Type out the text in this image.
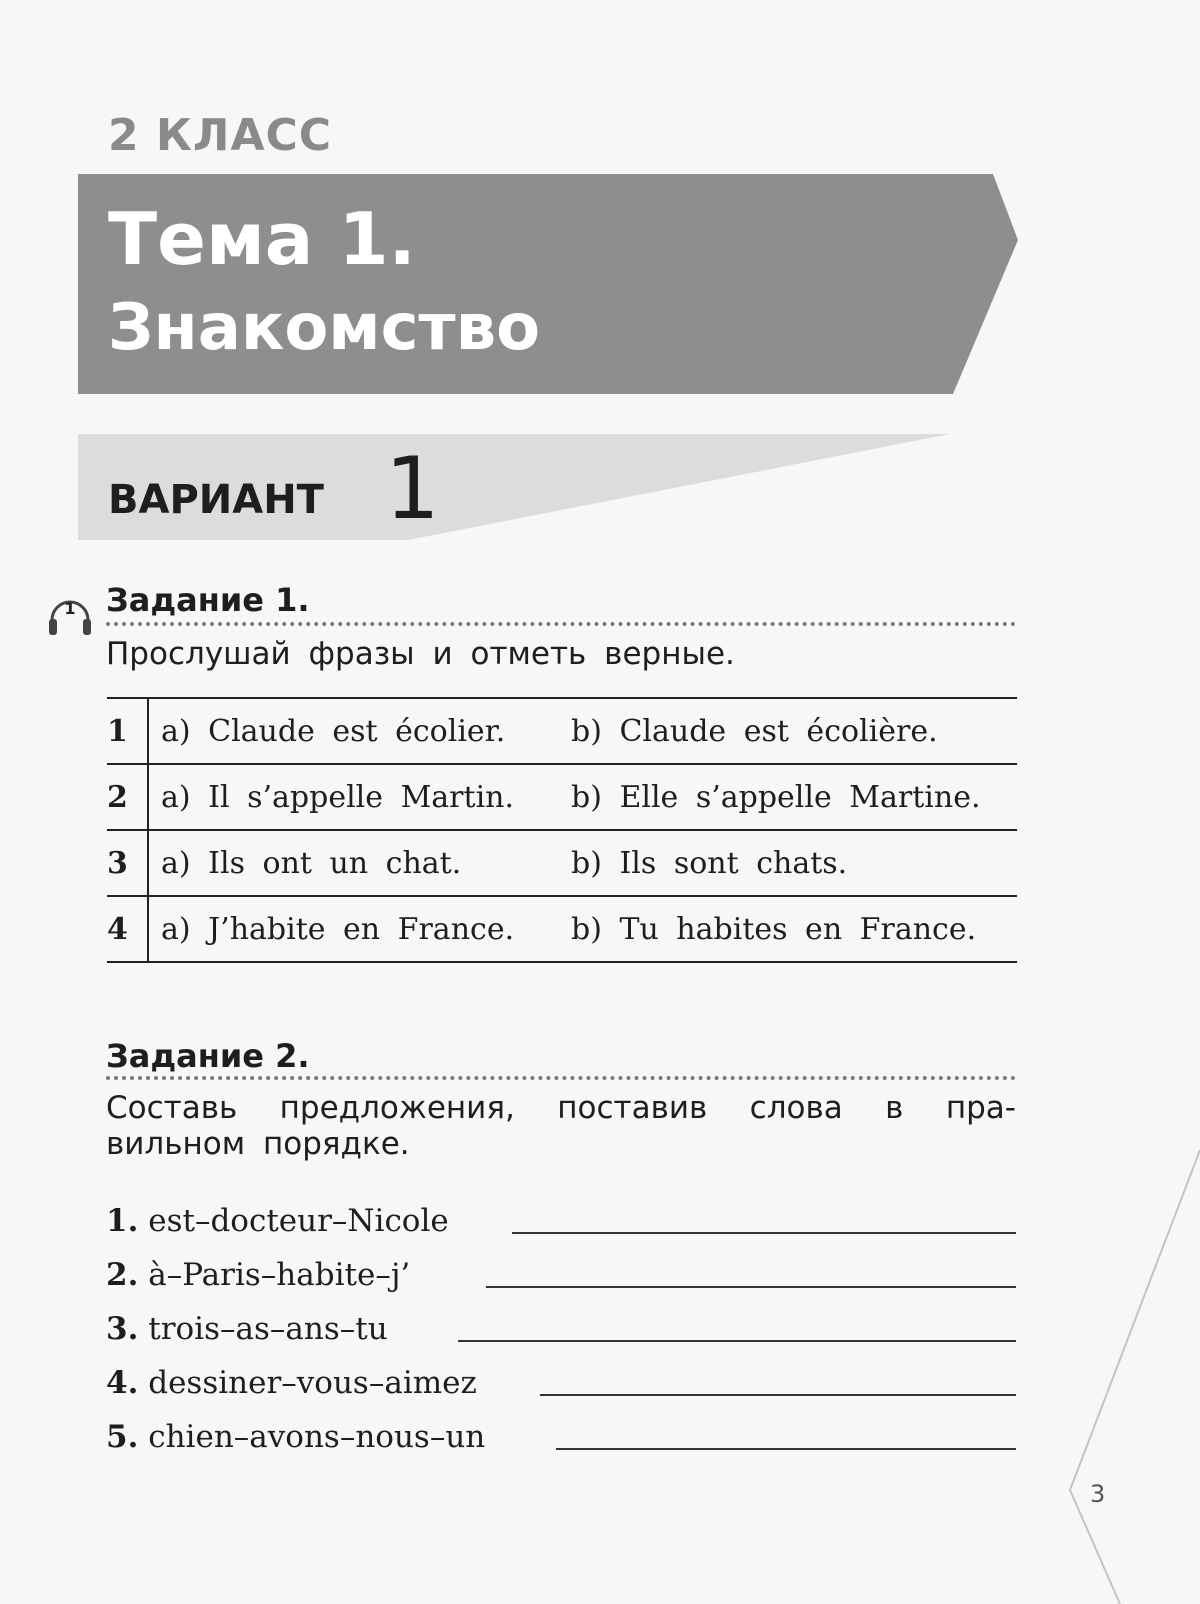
2 КЛАСС
Тема 1.
Знакомство
ВАРИАНТ 1
1 Задание 1.
Прослушай фразы и отметь верные.
1	a) Claude est écolier.	b) Claude est écolière.
2	a) Il s’appelle Martin.	b) Elle s’appelle Martine.
3	a) Ils ont un chat.	b) Ils sont chats.
4	a) J’habite en France.	b) Tu habites en France.
Задание 2.
Составь предложения, поставив слова в пра-
вильном порядке.
1. est–docteur–Nicole
2. à–Paris–habite–j’
3. trois–as–ans–tu
4. dessiner–vous–aimez
5. chien–avons–nous–un
3
